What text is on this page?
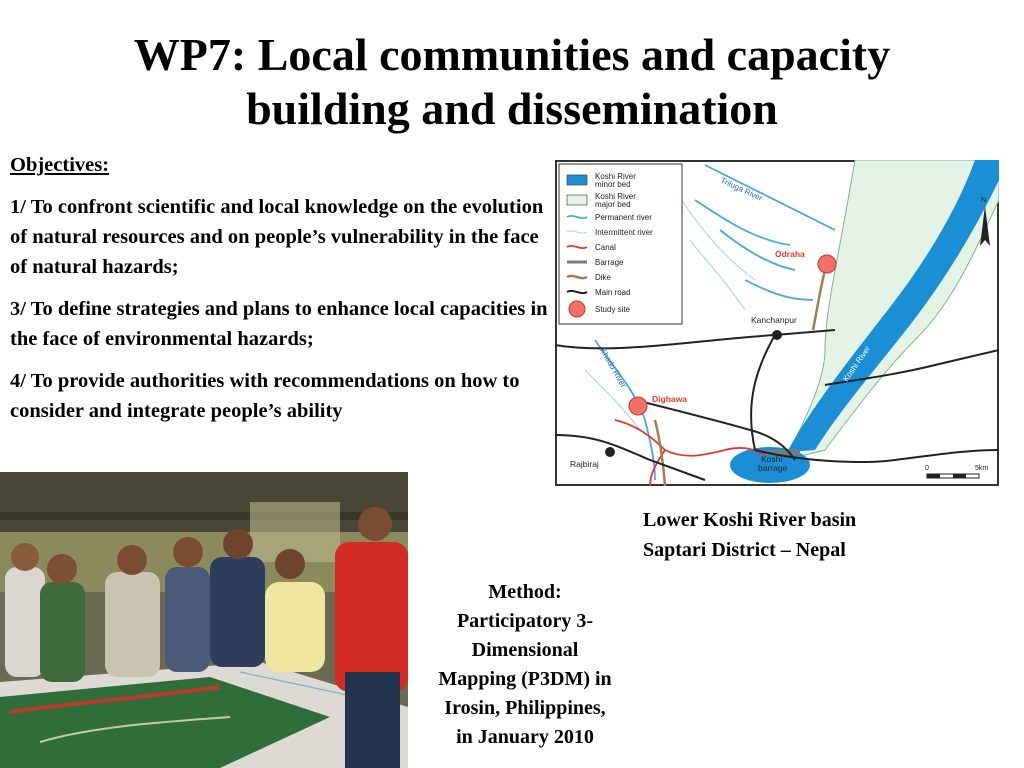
WP7: Local communities and capacity
building and dissemination
Objectives:

1/ To confront scientific and local knowledge on the evolution of natural resources and on people’s vulnerability in the face of natural hazards;

3/ To define strategies and plans to enhance local capacities in the face of environmental hazards;

4/ To provide authorities with recommendations on how to consider and integrate people’s ability

Triluga River
Odraha
Kanchanpur
Khado River
Dighawa
Koshi River
Rajbiraj	Koshi
barrage
N
0	5km
Koshi River
minor bed
Koshi River
major bed
Permanent river
Intermittent river
Canal
Barrage
Dike
Main road
Study site
Lower Koshi River basin
Saptari District – Nepal
Method:
Participatory 3-
Dimensional
Mapping (P3DM) in
Irosin, Philippines,
in January 2010
group-of-people-around-3d-map-photo
